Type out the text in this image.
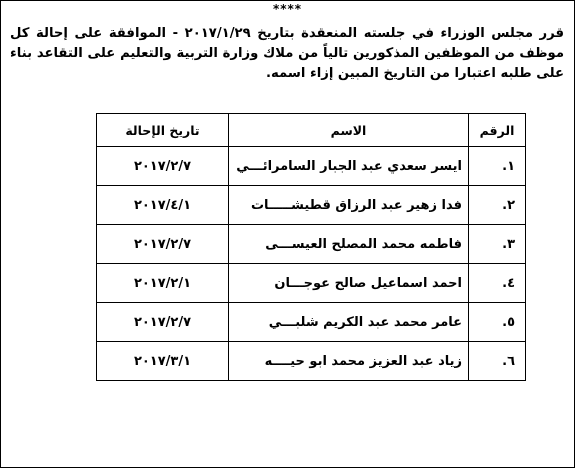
****
قرر مجلس الوزراء في جلسته المنعقدة بتاريخ ٢٠١٧/١/٢٩ - الموافقة على إحالة كل موظف من الموظفين المذكورين تالياً من ملاك وزارة التربية والتعليم على التقاعد بناء على طلبه اعتبارا من التاريخ المبين إزاء اسمه.
الرقم	الاسم	تاريخ الإحالة
١.	ايسر سعدي عبد الجبار السامرائـــي	٢٠١٧/٢/٧
٢.	فدا زهير عبد الرزاق قطيشـــــات	٢٠١٧/٤/١
٣.	فاطمه محمد المصلح العيســـى	٢٠١٧/٢/٧
٤.	احمد اسماعيل صالح عوجـــان	٢٠١٧/٢/١
٥.	عامر محمد عبد الكريم شلبـــي	٢٠١٧/٢/٧
٦.	زياد عبد العزيز محمد ابو حيــــه	٢٠١٧/٣/١
